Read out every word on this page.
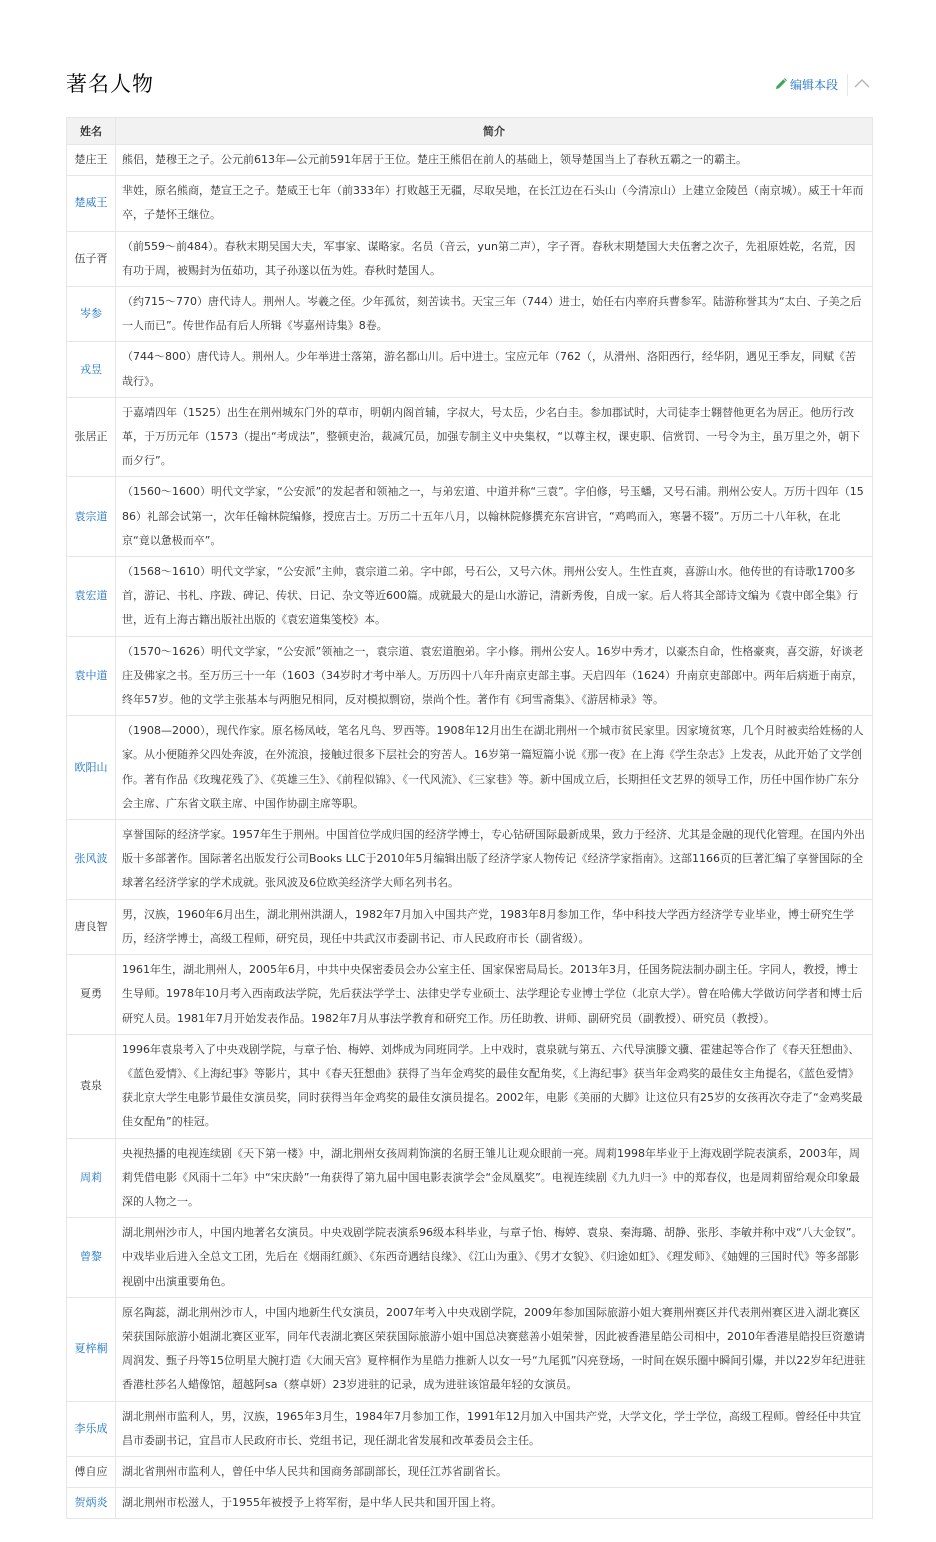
著名人物	编辑本段
姓名	简介
楚庄王	熊侣，楚穆王之子。公元前613年—公元前591年居于王位。楚庄王熊侣在前人的基础上，领导楚国当上了春秋五霸之一的霸主。
楚威王	芈姓，原名熊商，楚宣王之子。楚威王七年（前333年）打败越王无疆，尽取吴地，在长江边在石头山（今清凉山）上建立金陵邑（南京城）。威王十年而卒，子楚怀王继位。
伍子胥	（前559～前484）。春秋末期吴国大夫，军事家、谋略家。名员（音云，yun第二声），字子胥。春秋末期楚国大夫伍奢之次子，先祖原姓乾，名荒，因有功于周，被赐封为伍茹功，其子孙遂以伍为姓。春秋时楚国人。
岑参	（约715～770）唐代诗人。荆州人。岑羲之侄。少年孤贫，刻苦读书。天宝三年（744）进士，始任右内率府兵曹参军。陆游称誉其为“太白、子美之后一人而已”。传世作品有后人所辑《岑嘉州诗集》8卷。
戎昱	（744～800）唐代诗人。荆州人。少年举进士落第，游名都山川。后中进士。宝应元年（762（，从滑州、洛阳西行，经华阴，遇见王季友，同赋《苦哉行》。
张居正	于嘉靖四年（1525）出生在荆州城东门外的草市，明朝内阁首辅，字叔大，号太岳，少名白圭。参加郡试时，大司徒李士翱替他更名为居正。他历行改革，于万历元年（1573（提出“考成法”，整顿吏治，裁减冗员，加强专制主义中央集权，“以尊主权，课吏职、信赏罚、一号令为主，虽万里之外，朝下而夕行”。
袁宗道	（1560～1600）明代文学家，“公安派”的发起者和领袖之一，与弟宏道、中道并称“三袁”。字伯修，号玉蟠，又号石浦。荆州公安人。万历十四年（1586）礼部会试第一，次年任翰林院编修，授庶吉士。万历二十五年八月，以翰林院修撰充东宫讲官，“鸡鸣而入，寒暑不辍”。万历二十八年秋，在北京“竟以惫极而卒”。
袁宏道	（1568～1610）明代文学家，“公安派”主帅，袁宗道二弟。字中郎，号石公，又号六休。荆州公安人。生性直爽，喜游山水。他传世的有诗歌1700多首，游记、书札、序跋、碑记、传状、日记、杂文等近600篇。成就最大的是山水游记，清新秀俊，自成一家。后人将其全部诗文编为《袁中郎全集》行世，近有上海古籍出版社出版的《袁宏道集笺校》本。
袁中道	（1570～1626）明代文学家，“公安派”领袖之一，袁宗道、袁宏道胞弟。字小修。荆州公安人。16岁中秀才，以豪杰自命，性格豪爽，喜交游，好谈老庄及佛家之书。至万历三十一年（1603（34岁时才考中举人。万历四十八年升南京吏部主事。天启四年（1624）升南京吏部郎中。两年后病逝于南京，终年57岁。他的文学主张基本与两胞兄相同，反对模拟剽窃，崇尚个性。著作有《珂雪斋集》、《游居柿录》等。
欧阳山	（1908—2000），现代作家。原名杨凤岐，笔名凡鸟、罗西等。1908年12月出生在湖北荆州一个城市贫民家里。因家境贫寒，几个月时被卖给姓杨的人家。从小便随养父四处奔波，在外流浪，接触过很多下层社会的穷苦人。16岁第一篇短篇小说《那一夜》在上海《学生杂志》上发表，从此开始了文学创作。著有作品《玫瑰花残了》、《英雄三生》、《前程似锦》、《一代风流》、《三家巷》等。新中国成立后，长期担任文艺界的领导工作，历任中国作协广东分会主席、广东省文联主席、中国作协副主席等职。
张风波	享誉国际的经济学家。1957年生于荆州。中国首位学成归国的经济学博士，专心钻研国际最新成果，致力于经济、尤其是金融的现代化管理。在国内外出版十多部著作。国际著名出版发行公司Books LLC于2010年5月编辑出版了经济学家人物传记《经济学家指南》。这部1166页的巨著汇编了享誉国际的全球著名经济学家的学术成就。张风波及6位欧美经济学大师名列书名。
唐良智	男，汉族，1960年6月出生，湖北荆州洪湖人，1982年7月加入中国共产党，1983年8月参加工作，华中科技大学西方经济学专业毕业，博士研究生学历，经济学博士，高级工程师，研究员，现任中共武汉市委副书记、市人民政府市长（副省级）。
夏勇	1961年生，湖北荆州人，2005年6月，中共中央保密委员会办公室主任、国家保密局局长。2013年3月，任国务院法制办副主任。字同人，教授，博士生导师。1978年10月考入西南政法学院，先后获法学学士、法律史学专业硕士、法学理论专业博士学位（北京大学）。曾在哈佛大学做访问学者和博士后研究人员。1981年7月开始发表作品。1982年7月从事法学教育和研究工作。历任助教、讲师、副研究员（副教授）、研究员（教授）。
袁泉	1996年袁泉考入了中央戏剧学院，与章子怡、梅婷、刘烨成为同班同学。上中戏时，袁泉就与第五、六代导演滕文骥、霍建起等合作了《春天狂想曲》、《蓝色爱情》、《上海纪事》等影片，其中《春天狂想曲》获得了当年金鸡奖的最佳女配角奖，《上海纪事》获当年金鸡奖的最佳女主角提名，《蓝色爱情》获北京大学生电影节最佳女演员奖，同时获得当年金鸡奖的最佳女演员提名。2002年，电影《美丽的大脚》让这位只有25岁的女孩再次夺走了“金鸡奖最佳女配角”的桂冠。
周莉	央视热播的电视连续剧《天下第一楼》中，湖北荆州女孩周莉饰演的名厨王雏儿让观众眼前一亮。周莉1998年毕业于上海戏剧学院表演系，2003年，周莉凭借电影《风雨十二年》中“宋庆龄”一角获得了第九届中国电影表演学会“金凤凰奖”。电视连续剧《九九归一》中的郑春仪，也是周莉留给观众印象最深的人物之一。
曾黎	湖北荆州沙市人，中国内地著名女演员。中央戏剧学院表演系96级本科毕业，与章子怡、梅婷、袁泉、秦海璐、胡静、张彤、李敏并称中戏“八大金钗”。中戏毕业后进入全总文工团，先后在《烟雨红颜》、《东西奇遇结良缘》、《江山为重》、《男才女貌》、《归途如虹》、《理发师》、《妯娌的三国时代》等多部影视剧中出演重要角色。
夏梓桐	原名陶蕊，湖北荆州沙市人，中国内地新生代女演员，2007年考入中央戏剧学院，2009年参加国际旅游小姐大赛荆州赛区并代表荆州赛区进入湖北赛区荣获国际旅游小姐湖北赛区亚军，同年代表湖北赛区荣获国际旅游小姐中国总决赛慈善小姐荣誉，因此被香港星皓公司相中，2010年香港星皓投巨资邀请周润发、甄子丹等15位明星大腕打造《大闹天宫》夏梓桐作为星皓力推新人以女一号“九尾狐”闪亮登场，一时间在娱乐圈中瞬间引爆，并以22岁年纪进驻香港杜莎名人蜡像馆，超越阿sa（蔡卓妍）23岁进驻的记录，成为进驻该馆最年轻的女演员。
李乐成	湖北荆州市监利人，男，汉族，1965年3月生，1984年7月参加工作，1991年12月加入中国共产党，大学文化，学士学位，高级工程师。曾经任中共宜昌市委副书记，宜昌市人民政府市长、党组书记，现任湖北省发展和改革委员会主任。
傅自应	湖北省荆州市监利人，曾任中华人民共和国商务部副部长，现任江苏省副省长。
贺炳炎	湖北荆州市松滋人，于1955年被授予上将军衔，是中华人民共和国开国上将。
